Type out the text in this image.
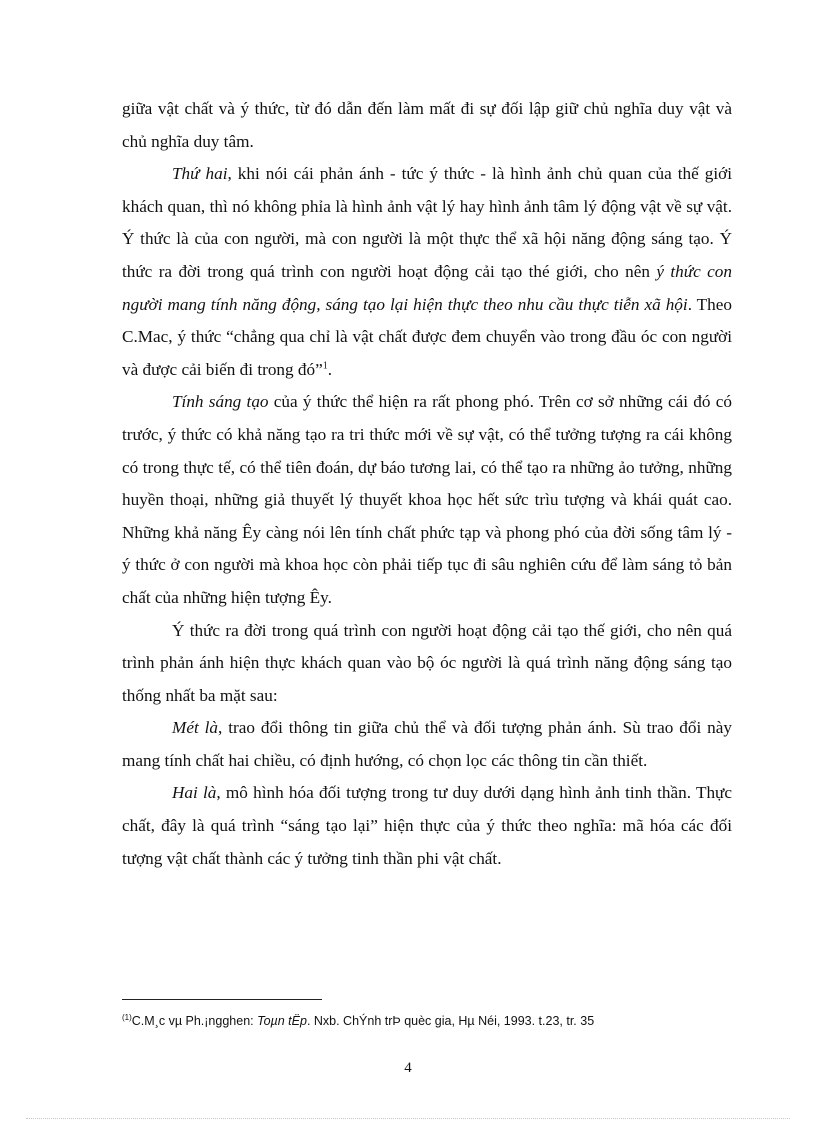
giữa vật chất và ý thức, từ đó dẫn đến làm mất đi sự đối lập giữ chủ nghĩa duy vật và chủ nghĩa duy tâm.

Thứ hai, khi nói cái phản ánh - tức ý thức - là hình ảnh chủ quan của thế giới khách quan, thì nó không phỉa là hình ảnh vật lý hay hình ảnh tâm lý động vật về sự vật. Ý thức là của con người, mà con người là một thực thể xã hội năng động sáng tạo. Ý thức ra đời trong quá trình con người hoạt động cải tạo thé giới, cho nên ý thức con người mang tính năng động, sáng tạo lại hiện thực theo nhu cầu thực tiễn xã hội. Theo C.Mac, ý thức “chẳng qua chỉ là vật chất được đem chuyển vào trong đầu óc con người và được cải biến đi trong đó”$^1$.

Tính sáng tạo của ý thức thể hiện ra rất phong phó. Trên cơ sở những cái đó có trước, ý thức có khả năng tạo ra tri thức mới về sự vật, có thể tưởng tượng ra cái không có trong thực tế, có thể tiên đoán, dự báo tương lai, có thể tạo ra những ảo tưởng, những huyền thoại, những giả thuyết lý thuyết khoa học hết sức trìu tượng và khái quát cao. Những khả năng Êy càng nói lên tính chất phức tạp và phong phó của đời sống tâm lý - ý thức ở con người mà khoa học còn phải tiếp tục đi sâu nghiên cứu để làm sáng tỏ bản chất của những hiện tượng Êy.

Ý thức ra đời trong quá trình con người hoạt động cải tạo thế giới, cho nên quá trình phản ánh hiện thực khách quan vào bộ óc người là quá trình năng động sáng tạo thống nhất ba mặt sau:

Mét là, trao đổi thông tin giữa chủ thể và đối tượng phản ánh. Sù trao đổi này mang tính chất hai chiều, có định hướng, có chọn lọc các thông tin cần thiết.

Hai là, mô hình hóa đối tượng trong tư duy dưới dạng hình ảnh tinh thần. Thực chất, đây là quá trình “sáng tạo lại” hiện thực của ý thức theo nghĩa: mã hóa các đối tượng vật chất thành các ý tưởng tinh thần phi vật chất.

$^{(1)}$C.M¸c vµ Ph.¡ngghen: Toµn tËp. Nxb. ChÝnh trÞ quèc gia, Hµ Néi, 1993. t.23, tr. 35
4
